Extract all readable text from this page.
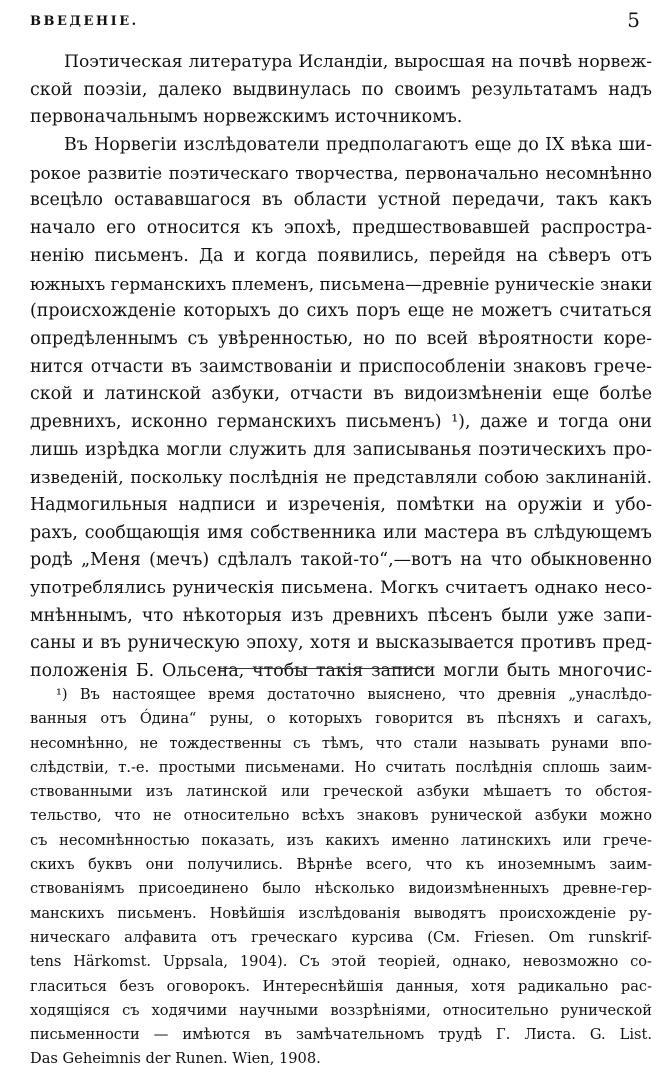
ВВЕДЕНІЕ.	5
Поэтическая литература Исландіи, выросшая на почвѣ норвеж-
ской поэзіи, далеко выдвинулась по своимъ результатамъ надъ
первоначальнымъ норвежскимъ источникомъ.
Въ Норвегіи изслѣдователи предполагаютъ еще до IX вѣка ши-
рокое развитіе поэтическаго творчества, первоначально несомнѣнно
всецѣло остававшагося въ области устной передачи, такъ какъ
начало его относится къ эпохѣ, предшествовавшей распростра-
ненію письменъ. Да и когда появились, перейдя на сѣверъ отъ
южныхъ германскихъ племенъ, письмена—древніе руническіе знаки
(происхожденіе которыхъ до сихъ поръ еще не можетъ считаться
опредѣленнымъ съ увѣренностью, но по всей вѣроятности коре-
нится отчасти въ заимствованіи и приспособленіи знаковъ грече-
ской и латинской азбуки, отчасти въ видоизмѣненіи еще болѣе
древнихъ, исконно германскихъ письменъ) ¹), даже и тогда они
лишь изрѣдка могли служить для записыванья поэтическихъ про-
изведеній, поскольку послѣднія не представляли собою заклинаній.
Надмогильныя надписи и изреченія, помѣтки на оружіи и убо-
рахъ, сообщающія имя собственника или мастера въ слѣдующемъ
родѣ „Меня (мечъ) сдѣлалъ такой-то“,—вотъ на что обыкновенно
употреблялись руническія письмена. Могкъ считаетъ однако несо-
мнѣннымъ, что нѣкоторыя изъ древнихъ пѣсенъ были уже запи-
саны и въ руническую эпоху, хотя и высказывается противъ пред-
положенія Б. Ольсена, чтобы такія записи могли быть многочис-
¹) Въ настоящее время достаточно выяснено, что древнія „унаслѣдо-
ванныя отъ Óдина“ руны, о которыхъ говорится въ пѣсняхъ и сагахъ,
несомнѣнно, не тождественны съ тѣмъ, что стали называть рунами впо-
слѣдствіи, т.-е. простыми письменами. Но считать послѣднія сплошь заим-
ствованными изъ латинской или греческой азбуки мѣшаетъ то обстоя-
тельство, что не относительно всѣхъ знаковъ рунической азбуки можно
съ несомнѣнностью показать, изъ какихъ именно латинскихъ или грече-
скихъ буквъ они получились. Вѣрнѣе всего, что къ иноземнымъ заим-
ствованіямъ присоединено было нѣсколько видоизмѣненныхъ древне-гер-
манскихъ письменъ. Новѣйшія изслѣдованія выводятъ происхожденіе ру-
ническаго алфавита отъ греческаго курсива (См. Friesen. Om runskrif-
tens Härkomst. Uppsala, 1904). Съ этой теоріей, однако, невозможно со-
гласиться безъ оговорокъ. Интереснѣйшія данныя, хотя радикально рас-
ходящіяся съ ходячими научными воззрѣніями, относительно рунической
письменности — имѣются въ замѣчательномъ трудѣ Г. Листа. G. List.
Das Geheimnis der Runen. Wien, 1908.
